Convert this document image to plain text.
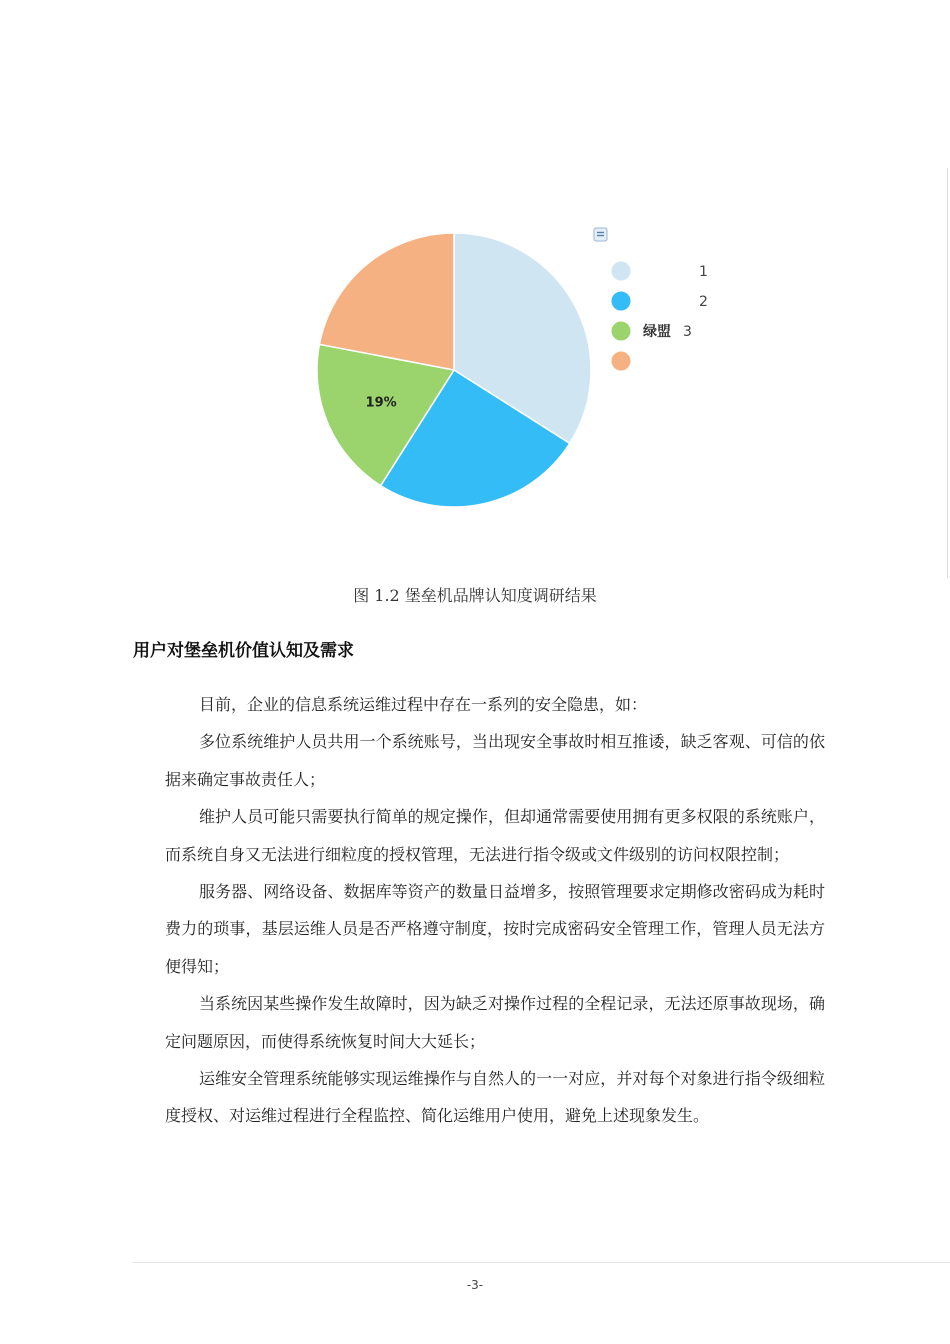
19%
1
2
绿盟 3
图 1.2 堡垒机品牌认知度调研结果
用户对堡垒机价值认知及需求

目前，企业的信息系统运维过程中存在一系列的安全隐患，如：

多位系统维护人员共用一个系统账号，当出现安全事故时相互推诿，缺乏客观、可信的依据来确定事故责任人；

维护人员可能只需要执行简单的规定操作，但却通常需要使用拥有更多权限的系统账户，而系统自身又无法进行细粒度的授权管理，无法进行指令级或文件级别的访问权限控制；

服务器、网络设备、数据库等资产的数量日益增多，按照管理要求定期修改密码成为耗时费力的琐事，基层运维人员是否严格遵守制度，按时完成密码安全管理工作，管理人员无法方便得知；

当系统因某些操作发生故障时，因为缺乏对操作过程的全程记录，无法还原事故现场，确定问题原因，而使得系统恢复时间大大延长；

运维安全管理系统能够实现运维操作与自然人的一一对应，并对每个对象进行指令级细粒度授权、对运维过程进行全程监控、简化运维用户使用，避免上述现象发生。

-3-
